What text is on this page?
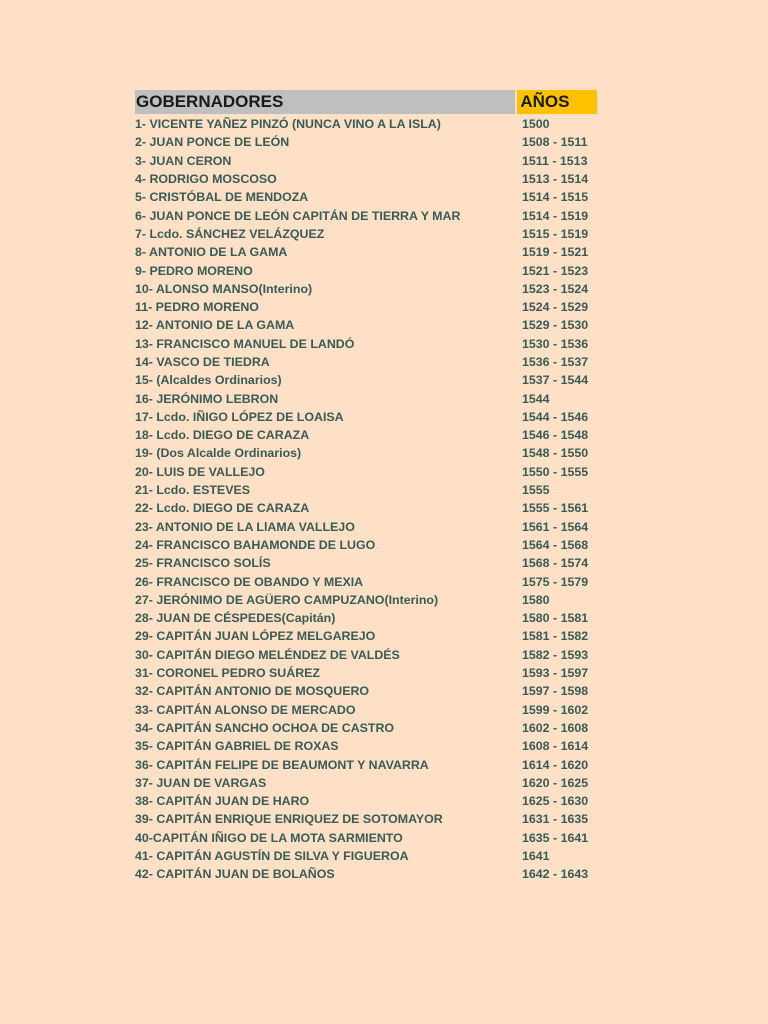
GOBERNADORES	AÑOS
1- VICENTE YAÑEZ PINZÓ (NUNCA VINO A LA ISLA)	1500
2- JUAN PONCE DE LEÓN	1508 - 1511
3- JUAN CERON	1511 - 1513
4- RODRIGO MOSCOSO	1513 - 1514
5- CRISTÓBAL DE MENDOZA	1514 - 1515
6- JUAN PONCE DE LEÓN CAPITÁN DE TIERRA Y MAR	1514 - 1519
7- Lcdo. SÁNCHEZ VELÁZQUEZ	1515 - 1519
8- ANTONIO DE LA GAMA	1519 - 1521
9- PEDRO MORENO	1521 - 1523
10- ALONSO MANSO(Interino)	1523 - 1524
11- PEDRO MORENO	1524 - 1529
12- ANTONIO DE LA GAMA	1529 - 1530
13- FRANCISCO MANUEL DE LANDÓ	1530 - 1536
14- VASCO DE TIEDRA	1536 - 1537
15- (Alcaldes Ordinarios)	1537 - 1544
16- JERÓNIMO LEBRON	1544
17- Lcdo. IÑIGO LÓPEZ DE LOAISA	1544 - 1546
18- Lcdo. DIEGO DE CARAZA	1546 - 1548
19- (Dos Alcalde Ordinarios)	1548 - 1550
20- LUIS DE VALLEJO	1550 - 1555
21- Lcdo. ESTEVES	1555
22- Lcdo. DIEGO DE CARAZA	1555 - 1561
23- ANTONIO DE LA LlAMA VALLEJO	1561 - 1564
24- FRANCISCO BAHAMONDE DE LUGO	1564 - 1568
25- FRANCISCO SOLÍS	1568 - 1574
26- FRANCISCO DE OBANDO Y MEXIA	1575 - 1579
27- JERÓNIMO DE AGÜERO CAMPUZANO(Interino)	1580
28- JUAN DE CÉSPEDES(Capitán)	1580 - 1581
29- CAPITÁN JUAN LÓPEZ MELGAREJO	1581 - 1582
30- CAPITÁN DIEGO MELÉNDEZ DE VALDÉS	1582 - 1593
31- CORONEL PEDRO SUÁREZ	1593 - 1597
32- CAPITÁN ANTONIO DE MOSQUERO	1597 - 1598
33- CAPITÁN ALONSO DE MERCADO	1599 - 1602
34- CAPITÁN SANCHO OCHOA DE CASTRO	1602 - 1608
35- CAPITÁN GABRIEL DE ROXAS	1608 - 1614
36- CAPITÁN FELIPE DE BEAUMONT Y NAVARRA	1614 - 1620
37- JUAN DE VARGAS	1620 - 1625
38- CAPITÁN JUAN DE HARO	1625 - 1630
39- CAPITÁN ENRIQUE ENRIQUEZ DE SOTOMAYOR	1631 - 1635
40-CAPITÁN IÑIGO DE LA MOTA SARMIENTO	1635 - 1641
41- CAPITÁN AGUSTÍN DE SILVA Y FIGUEROA	1641
42- CAPITÁN JUAN DE BOLAÑOS	1642 - 1643
